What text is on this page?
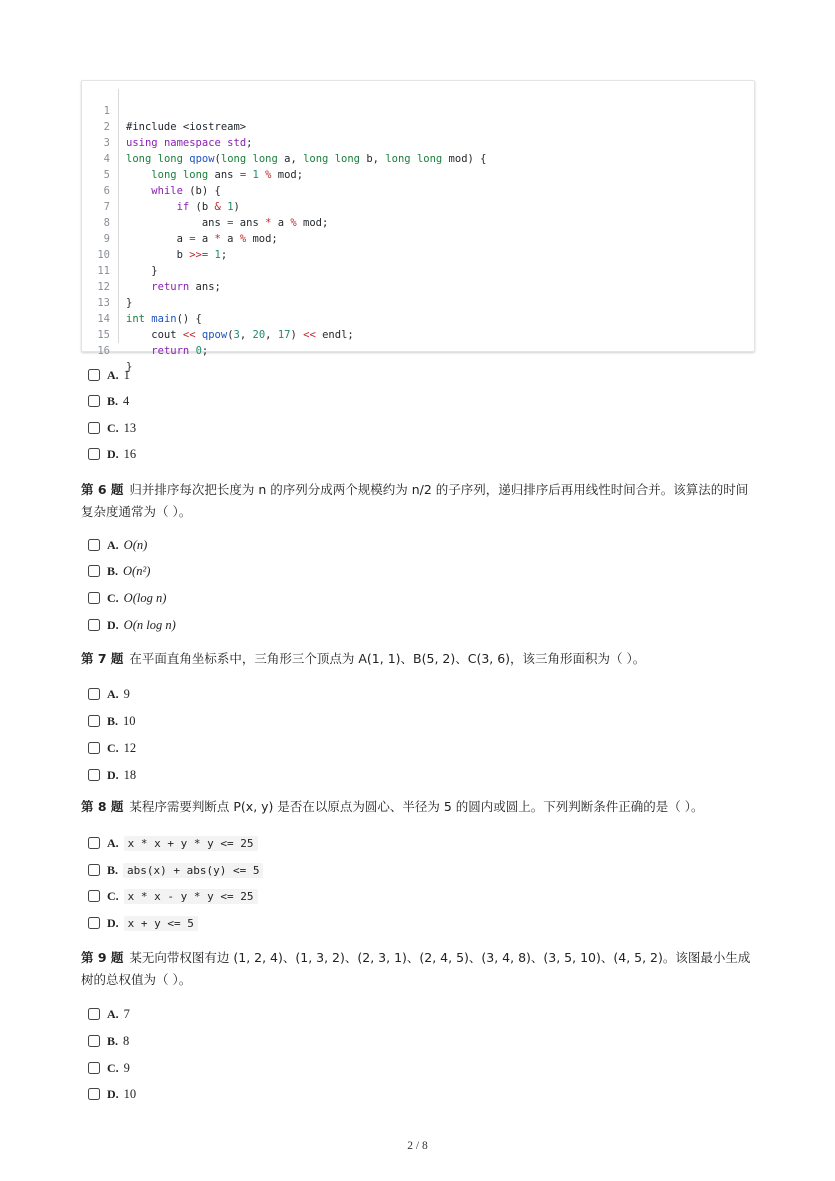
1

#include <iostream>

2

using namespace std;

3

long long qpow(long long a, long long b, long long mod) {

4

long long ans = 1 % mod;

5

while (b) {

6

if (b & 1)

7

ans = ans * a % mod;

8

a = a * a % mod;

9

b >>= 1;

10

}

11

return ans;

12

}

13

int main() {

14

cout << qpow(3, 20, 17) << endl;

15

return 0;

16

}

A. 1
B. 4
C. 13
D. 16
第 6 题 归并排序每次把长度为 n 的序列分成两个规模约为 n/2 的子序列，递归排序后再用线性时间合并。该算法的时间复杂度通常为（ ）。
A. O(n)
B. O(n²)
C. O(log n)
D. O(n log n)
第 7 题 在平面直角坐标系中，三角形三个顶点为 A(1, 1)、B(5, 2)、C(3, 6)，该三角形面积为（ ）。
A. 9
B. 10
C. 12
D. 18
第 8 题 某程序需要判断点 P(x, y) 是否在以原点为圆心、半径为 5 的圆内或圆上。下列判断条件正确的是（ ）。
A. x * x + y * y <= 25
B. abs(x) + abs(y) <= 5
C. x * x - y * y <= 25
D. x + y <= 5
第 9 题 某无向带权图有边 (1, 2, 4)、(1, 3, 2)、(2, 3, 1)、(2, 4, 5)、(3, 4, 8)、(3, 5, 10)、(4, 5, 2)。该图最小生成树的总权值为（ ）。
A. 7
B. 8
C. 9
D. 10
2 / 8
